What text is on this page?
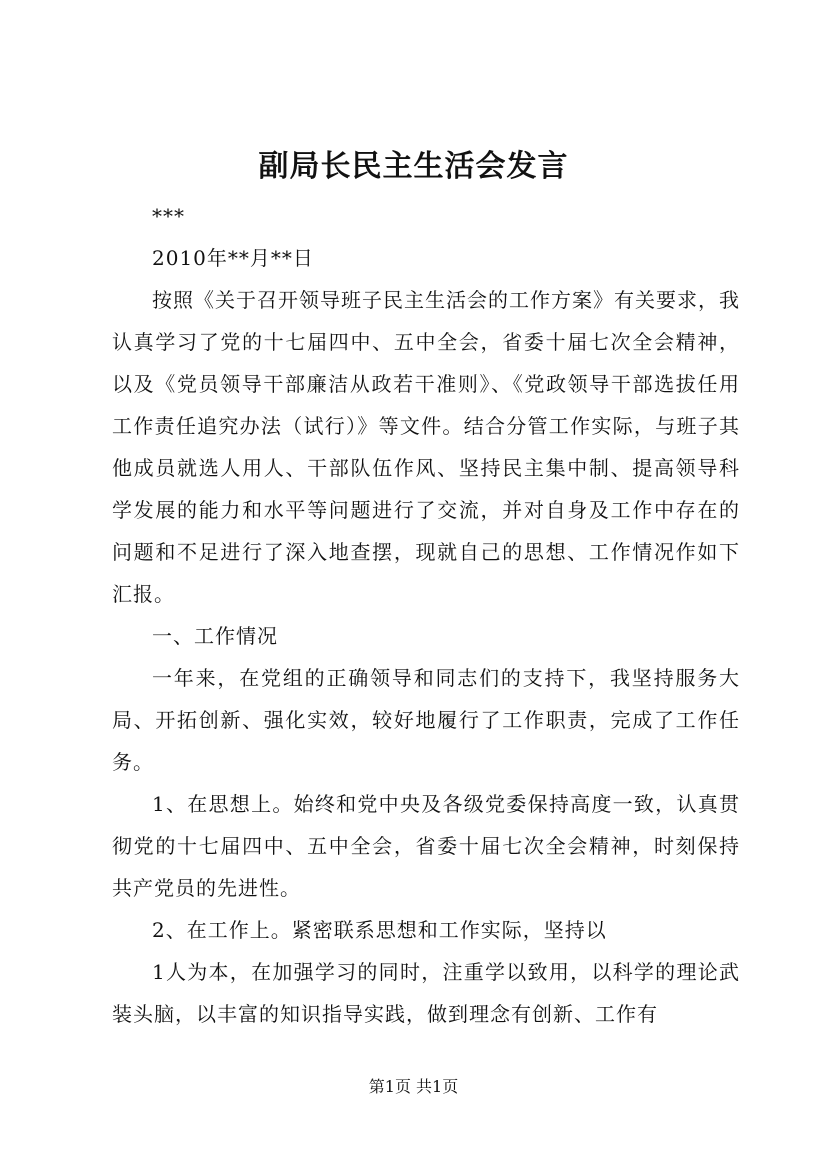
副局长民主生活会发言

***

2010年**月**日

按照《关于召开领导班子民主生活会的工作方案》有关要求，我认真学习了党的十七届四中、五中全会，省委十届七次全会精神，以及《党员领导干部廉洁从政若干准则》、《党政领导干部选拔任用工作责任追究办法（试行）》等文件。结合分管工作实际，与班子其他成员就选人用人、干部队伍作风、坚持民主集中制、提高领导科学发展的能力和水平等问题进行了交流，并对自身及工作中存在的问题和不足进行了深入地查摆，现就自己的思想、工作情况作如下汇报。

一、工作情况

一年来，在党组的正确领导和同志们的支持下，我坚持服务大局、开拓创新、强化实效，较好地履行了工作职责，完成了工作任务。

1、在思想上。始终和党中央及各级党委保持高度一致，认真贯彻党的十七届四中、五中全会，省委十届七次全会精神，时刻保持共产党员的先进性。

2、在工作上。紧密联系思想和工作实际，坚持以

1人为本，在加强学习的同时，注重学以致用，以科学的理论武装头脑，以丰富的知识指导实践，做到理念有创新、工作有

第1页 共1页
